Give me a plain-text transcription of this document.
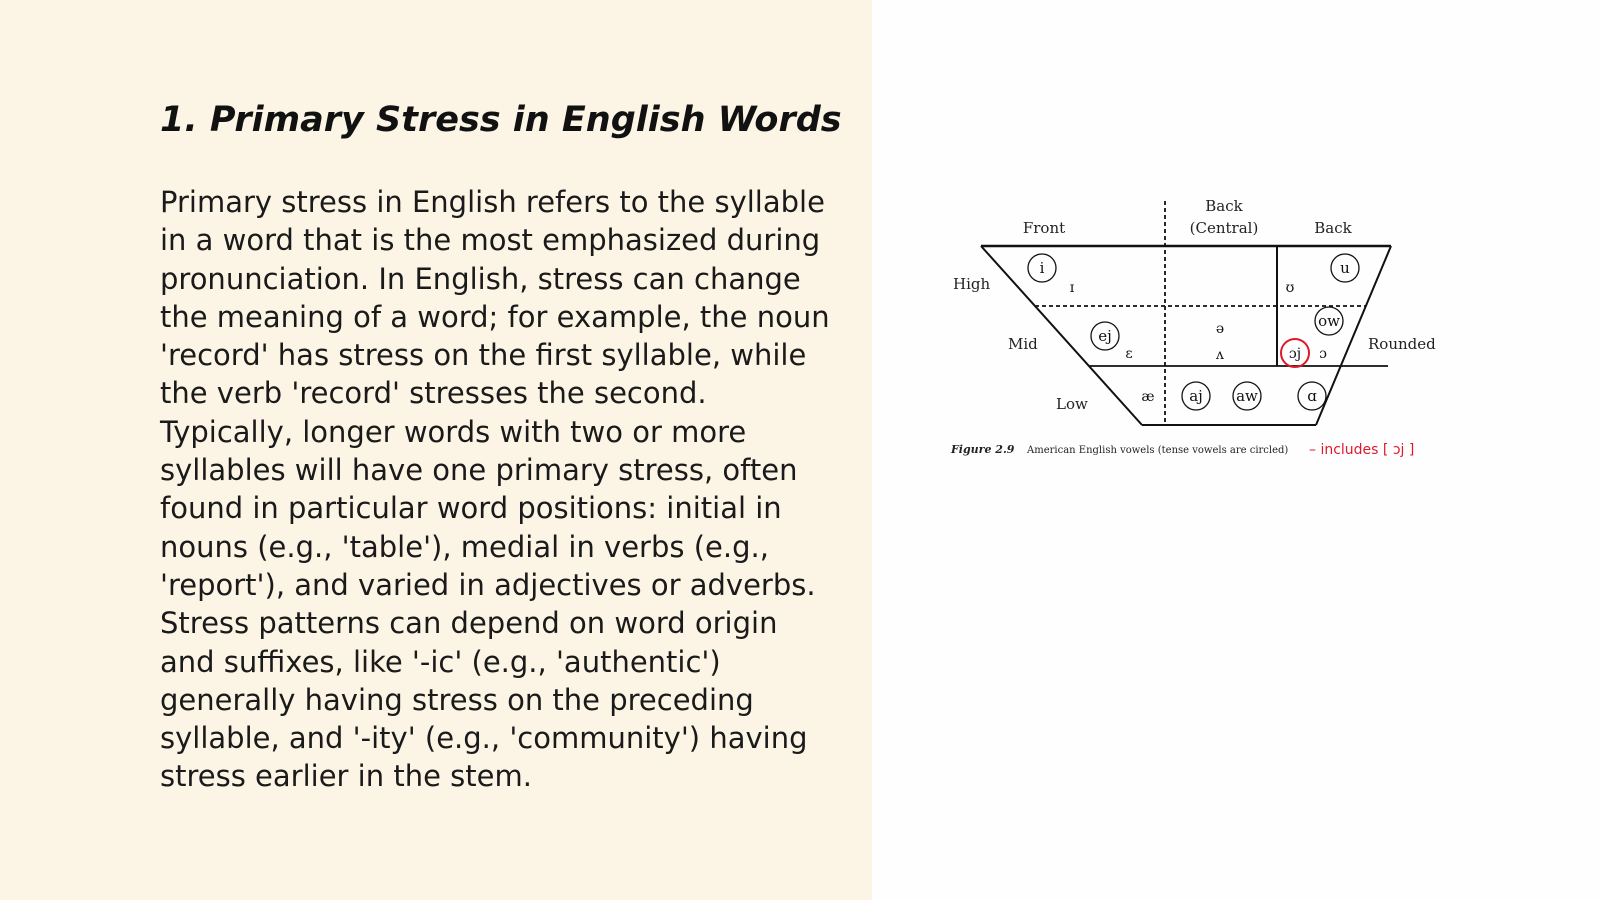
1. Primary Stress in English Words

Primary stress in English refers to the syllable in a word that is the most emphasized during pronunciation. In English, stress can change the meaning of a word; for example, the noun 'record' has stress on the first syllable, while the verb 'record' stresses the second. Typically, longer words with two or more syllables will have one primary stress, often found in particular word positions: initial in nouns (e.g., 'table'), medial in verbs (e.g., 'report'), and varied in adjectives or adverbs. Stress patterns can depend on word origin and suffixes, like '-ic' (e.g., 'authentic') generally having stress on the preceding syllable, and '-ity' (e.g., 'community') having stress earlier in the stem.

Front
Back
(Central)	Back
High
Mid
Low
Rounded
i
ɪ
u
ʊ
ej
ɛ
ə
ʌ
ow
ɔj ɔ
æ aj aw	ɑ
Figure 2.9 American English vowels (tense vowels are circled) – includes [ ɔj ]
